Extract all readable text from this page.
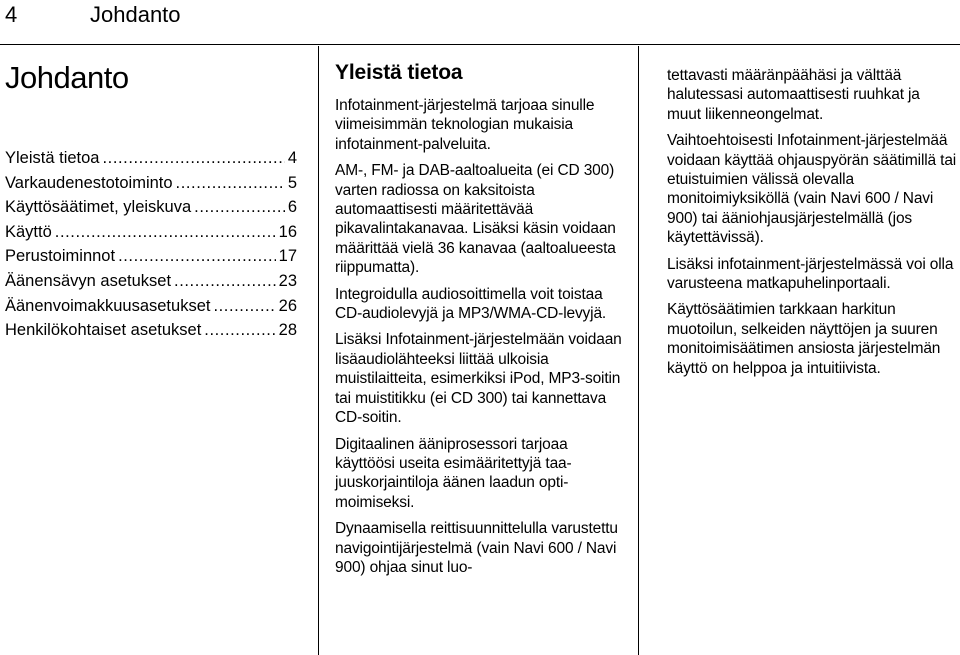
4	Johdanto
Johdanto
Yleistä tietoa . . .	4
Varkaudenestotoiminto . . .	5
Käyttösäätimet, yleiskuva . . .	6
Käyttö . . .	16
Perustoiminnot . . .	17
Äänensävyn asetukset . . .	23
Äänenvoimakkuusasetukset . . .	26
Henkilökohtaiset asetukset . . .	28
Yleistä tietoa

Infotainment-järjestelmä tarjoaa sinulle viimeisimmän teknologian mukaisia infotainment-palveluita.

AM-, FM- ja DAB-aaltoalueita (ei CD 300) varten radiossa on kaksitoista automaattisesti määritettävää pikavalintakanavaa. Lisäksi käsin voidaan määrittää vielä 36 kanavaa (aaltoalueesta riippumatta).

Integroidulla audiosoittimella voit toistaa CD-audiolevyjä ja MP3/WMA-CD-levyjä.

Lisäksi Infotainment-järjestelmään voidaan lisäaudiolähteeksi liittää ulkoisia muistilaitteita, esimerkiksi iPod, MP3-soitin tai muistitikku (ei CD 300) tai kannettava CD-soitin.

Digitaalinen ääniprosessori tarjoaa käyttöösi useita esimääritettyjä taajuuskorjaintiloja äänen laadun optimoimiseksi.

Dynaamisella reittisuunnittelulla varustettu navigointijärjestelmä (vain Navi 600 / Navi 900) ohjaa sinut luo-

tettavasti määränpäähäsi ja välttää halutessasi automaattisesti ruuhkat ja muut liikenneongelmat.

Vaihtoehtoisesti Infotainment-järjestelmää voidaan käyttää ohjauspyörän säätimillä tai etuistuimien välissä olevalla monitoimiyksiköllä (vain Navi 600 / Navi 900) tai ääniohjausjärjestelmällä (jos käytettävissä).

Lisäksi infotainment-järjestelmässä voi olla varusteena matkapuhelinportaali.

Käyttösäätimien tarkkaan harkitun muotoilun, selkeiden näyttöjen ja suuren monitoimisäätimen ansiosta järjestelmän käyttö on helppoa ja intuitiivista.
